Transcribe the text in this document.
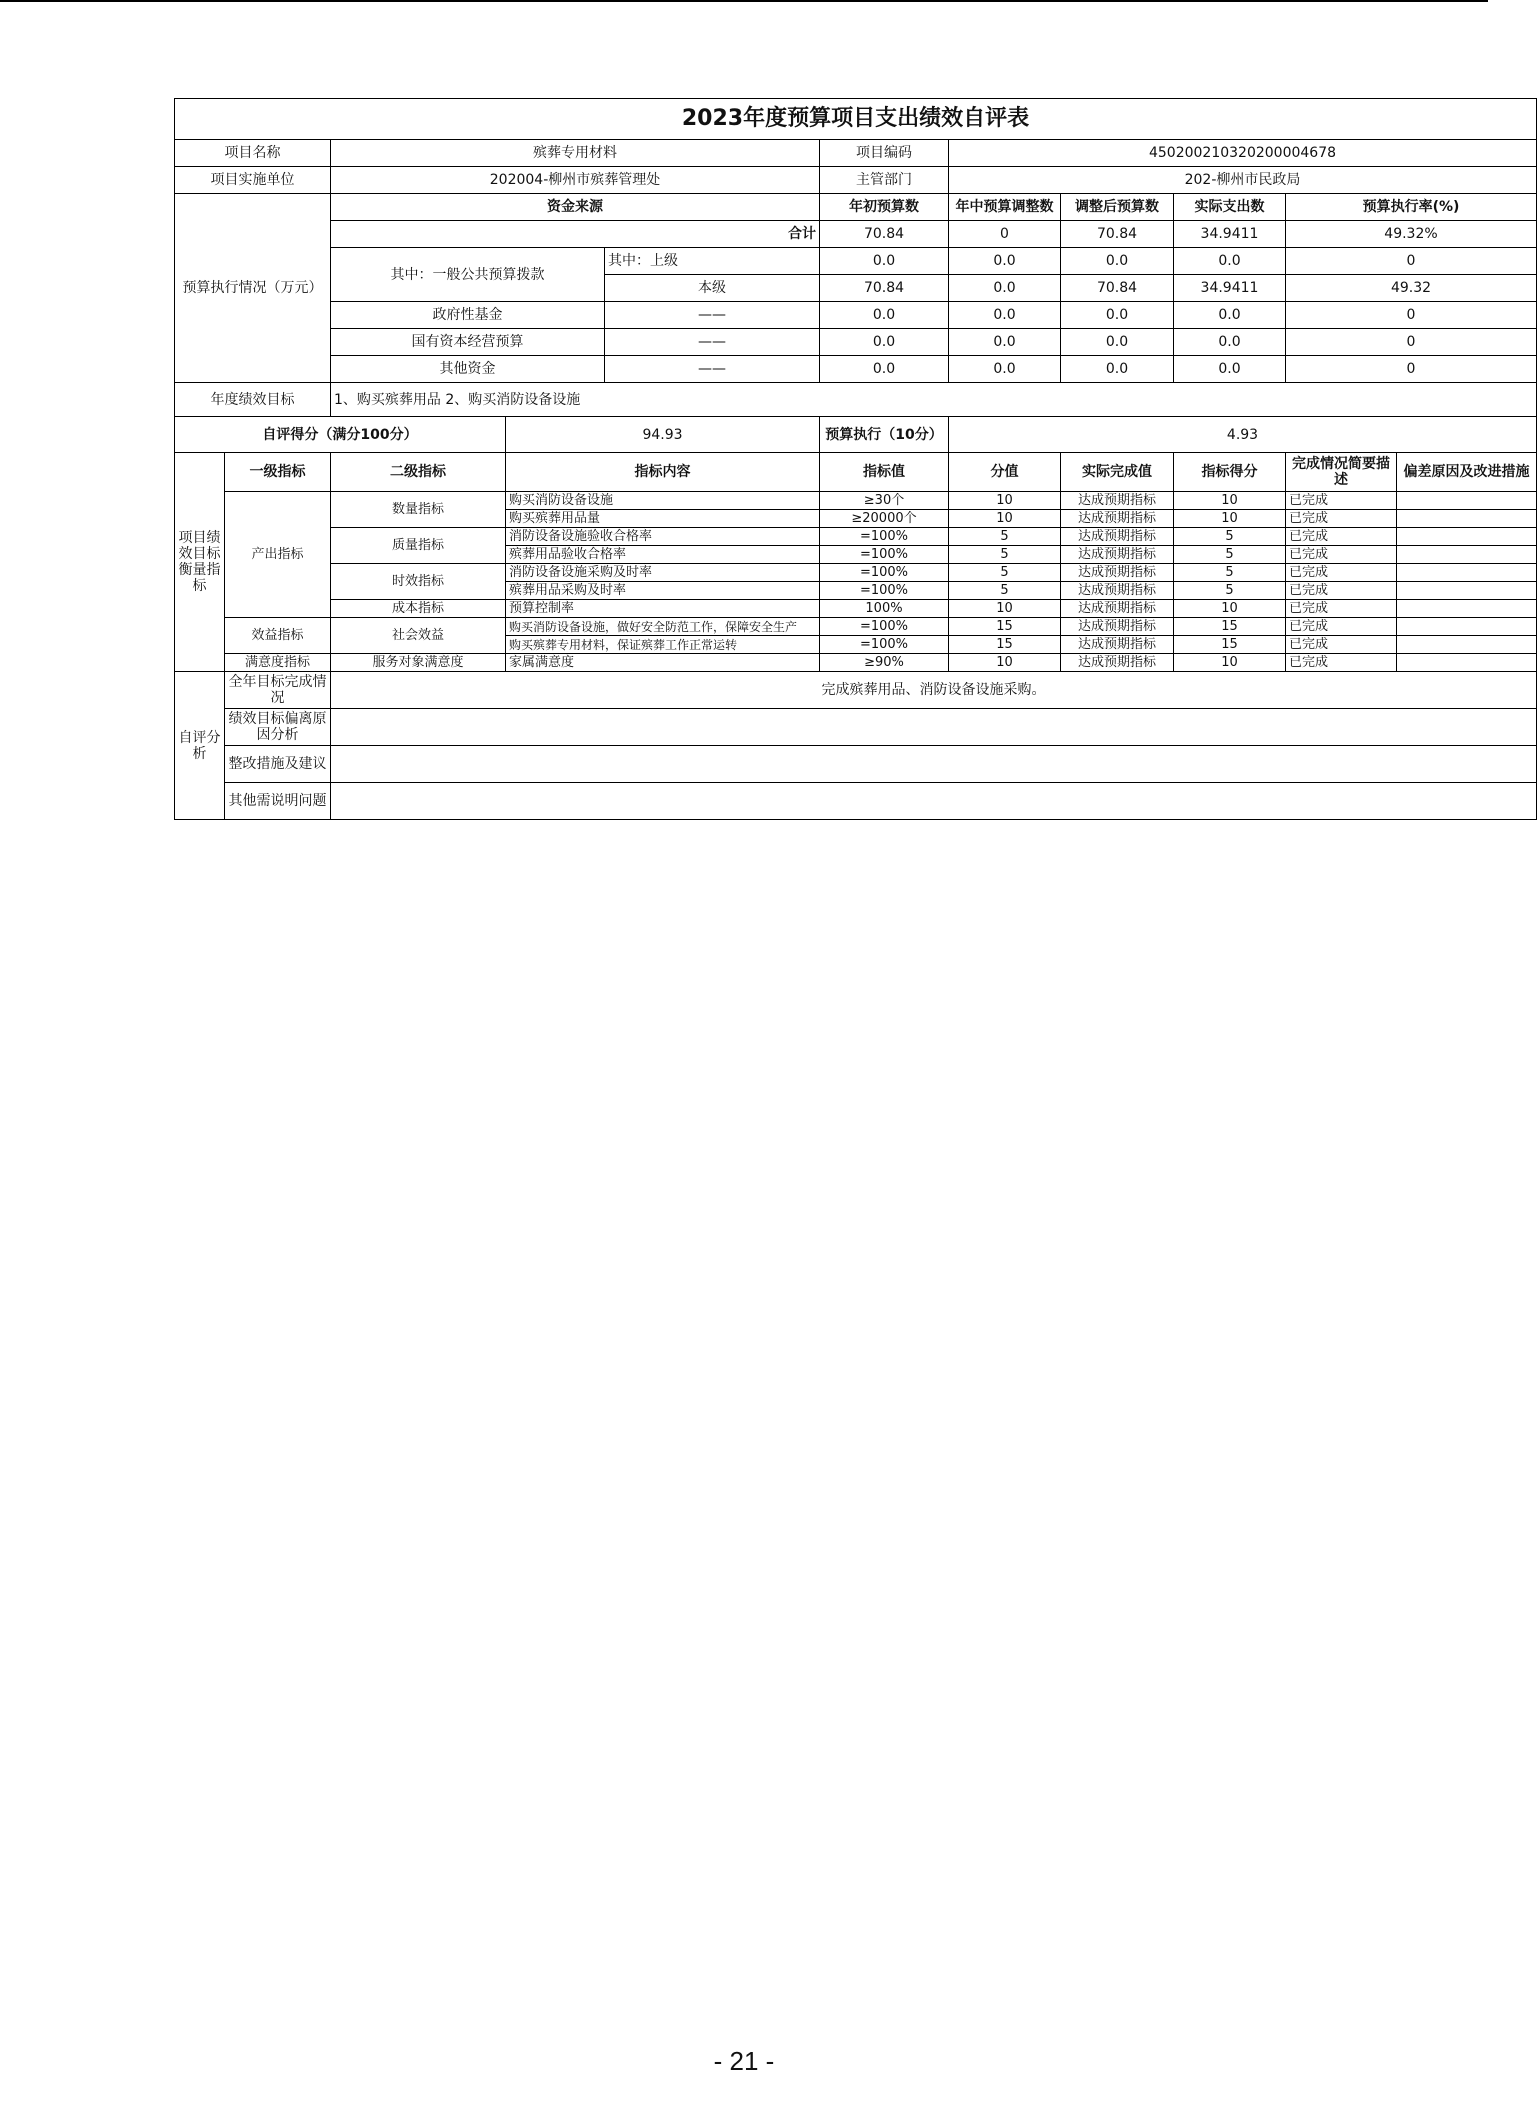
2023年度预算项目支出绩效自评表										
项目名称		殡葬专用材料			项目编码	450200210320200004678				
项目实施单位		202004-柳州市殡葬管理处			主管部门	202-柳州市民政局				
预算执行情况（万元）		资金来源			年初预算数	年中预算调整数	调整后预算数	实际支出数	预算执行率(%)	
		合计			70.84	0	70.84	34.9411	49.32%	
		其中：一般公共预算拨款		其中：上级	0.0	0.0	0.0	0.0	0	
				本级	70.84	0.0	70.84	34.9411	49.32	
		政府性基金		——	0.0	0.0	0.0	0.0	0	
		国有资本经营预算		——	0.0	0.0	0.0	0.0	0	
		其他资金		——	0.0	0.0	0.0	0.0	0	
年度绩效目标		1、购买殡葬用品 2、购买消防设备设施								
自评得分（满分100分）			94.93		预算执行（10分）	4.93				
项目绩效目标衡量指标	一级指标	二级指标	指标内容		指标值	分值	实际完成值	指标得分	完成情况简要描述	偏差原因及改进措施
	产出指标	数量指标	购买消防设备设施		≥30个	10	达成预期指标	10	已完成	
			购买殡葬用品量		≥20000个	10	达成预期指标	10	已完成	
		质量指标	消防设备设施验收合格率		=100%	5	达成预期指标	5	已完成	
			殡葬用品验收合格率		=100%	5	达成预期指标	5	已完成	
		时效指标	消防设备设施采购及时率		=100%	5	达成预期指标	5	已完成	
			殡葬用品采购及时率		=100%	5	达成预期指标	5	已完成	
		成本指标	预算控制率		100%	10	达成预期指标	10	已完成	
	效益指标	社会效益	购买消防设备设施，做好安全防范工作，保障安全生产		=100%	15	达成预期指标	15	已完成	
			购买殡葬专用材料，保证殡葬工作正常运转		=100%	15	达成预期指标	15	已完成	
	满意度指标	服务对象满意度	家属满意度		≥90%	10	达成预期指标	10	已完成	
自评分析	全年目标完成情况	完成殡葬用品、消防设备设施采购。								
	绩效目标偏离原因分析									
	整改措施及建议									
	其他需说明问题									
- 21 -
